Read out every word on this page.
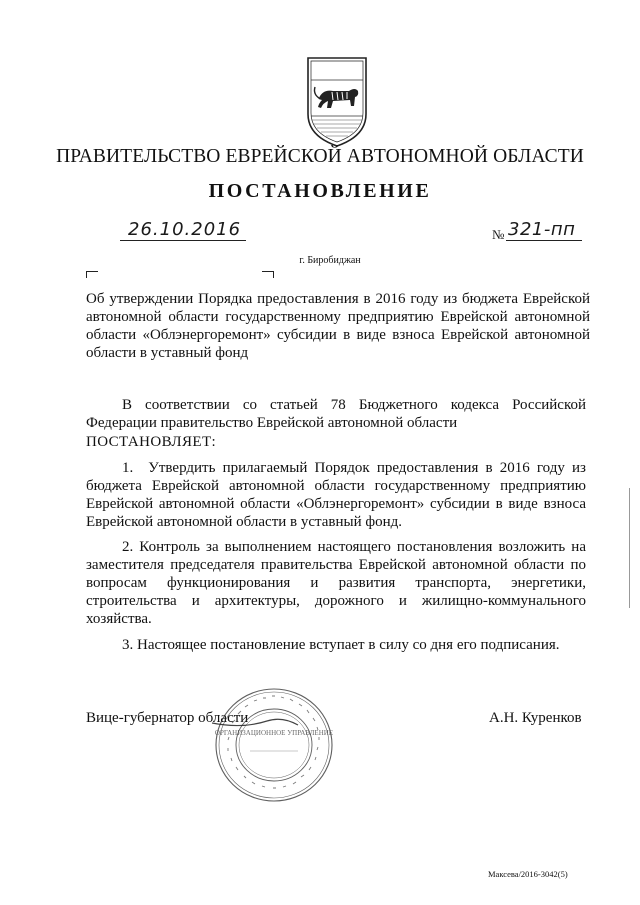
ПРАВИТЕЛЬСТВО ЕВРЕЙСКОЙ АВТОНОМНОЙ ОБЛАСТИ
ПОСТАНОВЛЕНИЕ
26.10.2016	№ 321-пп
г. Биробиджан
Об утверждении Порядка предоставления в 2016 году из бюджета Еврейской автономной области государственному предприятию Еврейской автономной области «Облэнергоремонт» субсидии в виде взноса Еврейской автономной области в уставный фонд
В соответствии со статьей 78 Бюджетного кодекса Российской Федерации правительство Еврейской автономной области
ПОСТАНОВЛЯЕТ:
1. Утвердить прилагаемый Порядок предоставления в 2016 году из бюджета Еврейской автономной области государственному предприятию Еврейской автономной области «Облэнергоремонт» субсидии в виде взноса Еврейской автономной области в уставный фонд.
2. Контроль за выполнением настоящего постановления возложить на заместителя председателя правительства Еврейской автономной области по вопросам функционирования и развития транспорта, энергетики, строительства и архитектуры, дорожного и жилищно-коммунального хозяйства.
3. Настоящее постановление вступает в силу со дня его подписания.
Вице-губернатор области	А.Н. Куренков
ОРГАНИЗАЦИОННОЕ УПРАВЛЕНИЕ
Максева/2016-3042(5)
